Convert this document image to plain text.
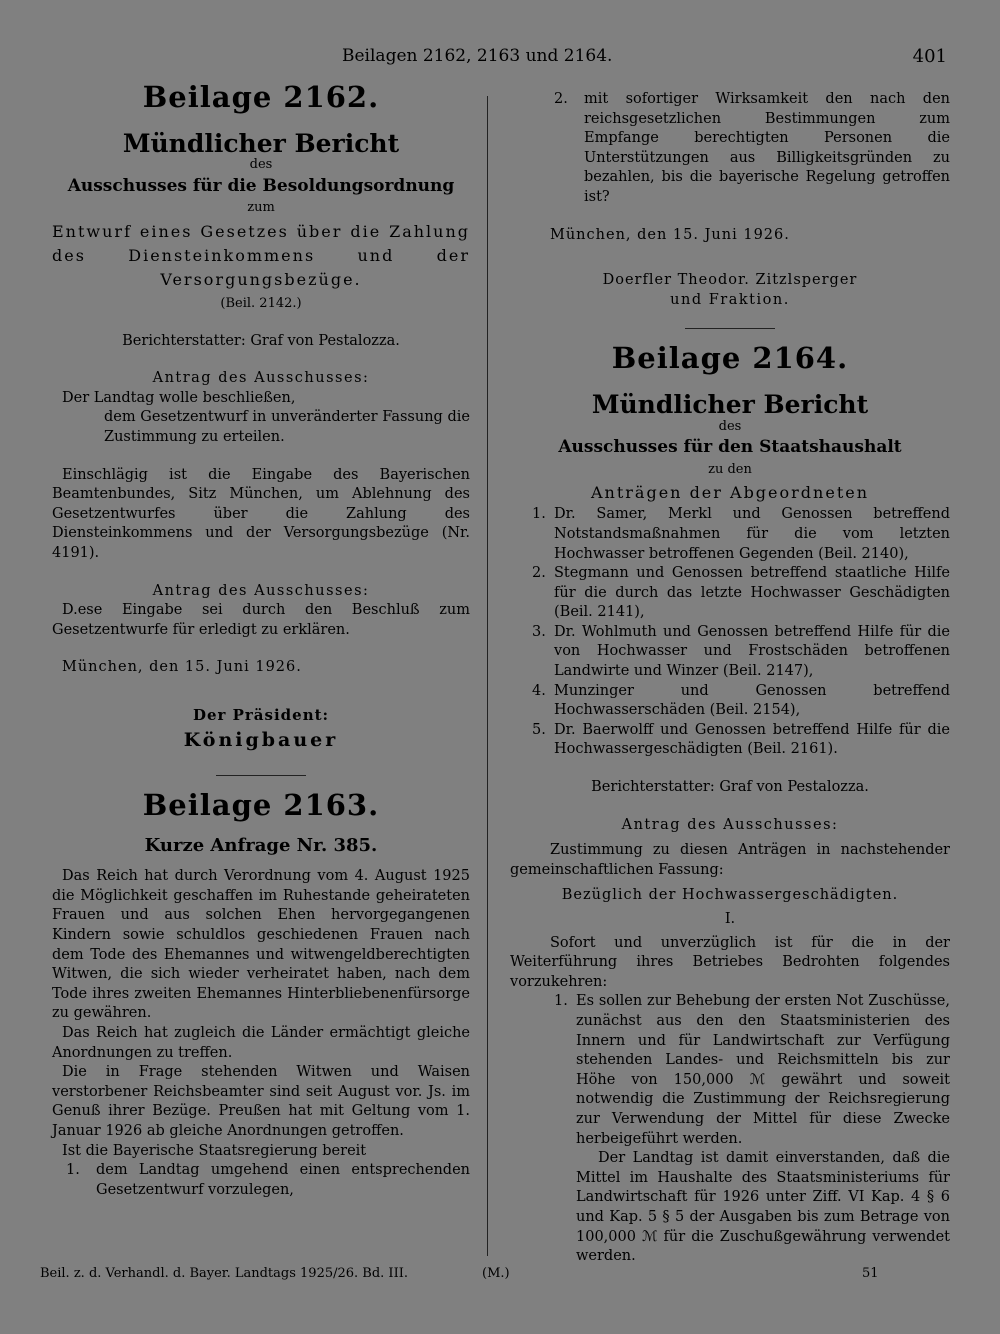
Beilagen 2162, 2163 und 2164.	401
Beilage 2162.
Mündlicher Bericht
des
Ausschusses für die Besoldungsordnung
zum
Entwurf eines Gesetzes über die Zahlung des Diensteinkommens und der Versorgungsbezüge.
(Beil. 2142.)
Berichterstatter: Graf von Pestalozza.
Antrag des Ausschusses:

Der Landtag wolle beschließen,

dem Gesetzentwurf in unveränderter Fassung die Zustimmung zu erteilen.

Einschlägig ist die Eingabe des Bayerischen Beamtenbundes, Sitz München, um Ablehnung des Gesetzentwurfes über die Zahlung des Diensteinkommens und der Versorgungsbezüge (Nr. 4191).

Antrag des Ausschusses:

D.ese Eingabe sei durch den Beschluß zum Gesetzentwurfe für erledigt zu erklären.

München, den 15. Juni 1926.

Der Präsident:
Königbauer
Beilage 2163.
Kurze Anfrage Nr. 385.

Das Reich hat durch Verordnung vom 4. August 1925 die Möglichkeit geschaffen im Ruhestande geheirateten Frauen und aus solchen Ehen hervorgegangenen Kindern sowie schuldlos geschiedenen Frauen nach dem Tode des Ehemannes und witwengeldberechtigten Witwen, die sich wieder verheiratet haben, nach dem Tode ihres zweiten Ehemannes Hinterbliebenenfürsorge zu gewähren.

Das Reich hat zugleich die Länder ermächtigt gleiche Anordnungen zu treffen.

Die in Frage stehenden Witwen und Waisen verstorbener Reichsbeamter sind seit August vor. Js. im Genuß ihrer Bezüge. Preußen hat mit Geltung vom 1. Januar 1926 ab gleiche Anordnungen getroffen.

Ist die Bayerische Staatsregierung bereit

1.	dem Landtag umgehend einen entsprechenden Gesetzentwurf vorzulegen,
2.	mit sofortiger Wirksamkeit den nach den reichsgesetzlichen Bestimmungen zum Empfange berechtigten Personen die Unterstützungen aus Billigkeitsgründen zu bezahlen, bis die bayerische Regelung getroffen ist?

München, den 15. Juni 1926.

Doerfler Theodor. Zitzlsperger
und Fraktion.
Beilage 2164.
Mündlicher Bericht
des
Ausschusses für den Staatshaushalt
zu den
Anträgen der Abgeordneten
1. Dr. Samer, Merkl und Genossen betreffend Notstandsmaßnahmen für die vom letzten Hochwasser betroffenen Gegenden (Beil. 2140),
2. Stegmann und Genossen betreffend staatliche Hilfe für die durch das letzte Hochwasser Geschädigten (Beil. 2141),
3. Dr. Wohlmuth und Genossen betreffend Hilfe für die von Hochwasser und Frostschäden betroffenen Landwirte und Winzer (Beil. 2147),
4. Munzinger und Genossen betreffend Hochwasserschäden (Beil. 2154),
5. Dr. Baerwolff und Genossen betreffend Hilfe für die Hochwassergeschädigten (Beil. 2161).
Berichterstatter: Graf von Pestalozza.
Antrag des Ausschusses:

Zustimmung zu diesen Anträgen in nachstehender gemeinschaftlichen Fassung:

Bezüglich der Hochwassergeschädigten.
I.

Sofort und unverzüglich ist für die in der Weiterführung ihres Betriebes Bedrohten folgendes vorzukehren:

1. Es sollen zur Behebung der ersten Not Zuschüsse, zunächst aus den den Staatsministerien des Innern und für Landwirtschaft zur Verfügung stehenden Landes- und Reichsmitteln bis zur Höhe von 150,000 ℳ gewährt und soweit notwendig die Zustimmung der Reichsregierung zur Verwendung der Mittel für diese Zwecke herbeigeführt werden.

Der Landtag ist damit einverstanden, daß die Mittel im Haushalte des Staatsministeriums für Landwirtschaft für 1926 unter Ziff. VI Kap. 4 § 6 und Kap. 5 § 5 der Ausgaben bis zum Betrage von 100,000 ℳ für die Zuschußgewährung verwendet werden.

Beil. z. d. Verhandl. d. Bayer. Landtags 1925/26. Bd. III.	(M.)	51
